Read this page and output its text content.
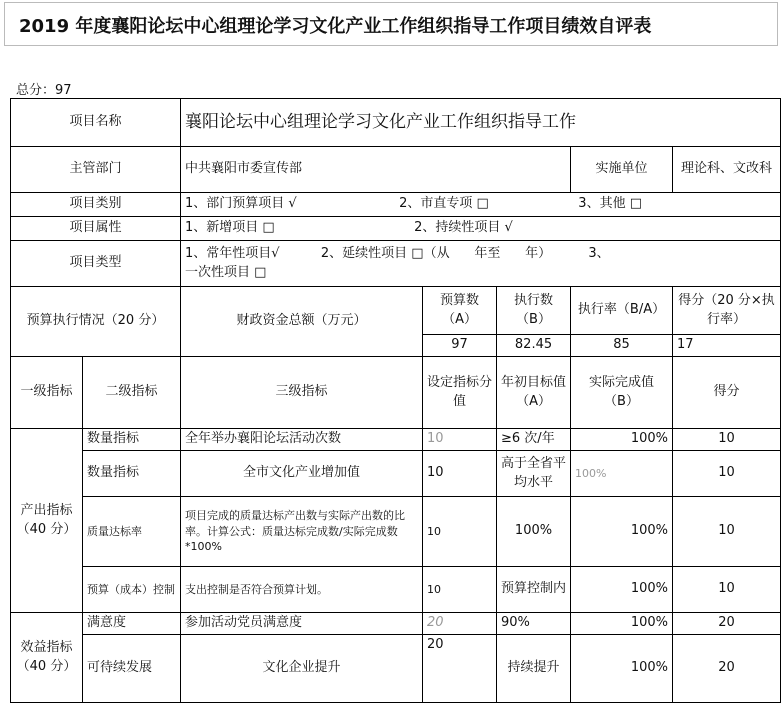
2019 年度襄阳论坛中心组理论学习文化产业工作组织指导工作项目绩效自评表
总分：97
项目名称		襄阳论坛中心组理论学习文化产业工作组织指导工作				
主管部门		中共襄阳市委宣传部			实施单位	理论科、文改科
项目类别		1、部门预算项目 √ 2、市直专项 □ 3、其他 □				
项目属性		1、新增项目 □ 2、持续性项目 √				
项目类型		1、常年性项目√          2、延续性项目 □（从      年至      年）         3、
一次性项目 □				

预算执行情况（20 分）		财政资金总额（万元）	预算数（A）	执行数（B）	执行率（B/A）	得分（20 分×执行率）
			97	82.45	85	17
一级指标	二级指标	三级指标	设定指标分值	年初目标值（A）	实际完成值（B）	得分
产出指标（40 分）	数量指标	全年举办襄阳论坛活动次数	10	≥6 次/年	100%	10
	数量指标	全市文化产业增加值	10	高于全省平均水平	100%	10
	质量达标率	项目完成的质量达标产出数与实际产出数的比率。计算公式：质量达标完成数/实际完成数*100%	10	100%	100%	10
	预算（成本）控制	支出控制是否符合预算计划。	10	预算控制内	100%	10
效益指标（40 分）	满意度	参加活动党员满意度	20	90%	100%	20
	可待续发展	文化企业提升	20	持续提升	100%	20
